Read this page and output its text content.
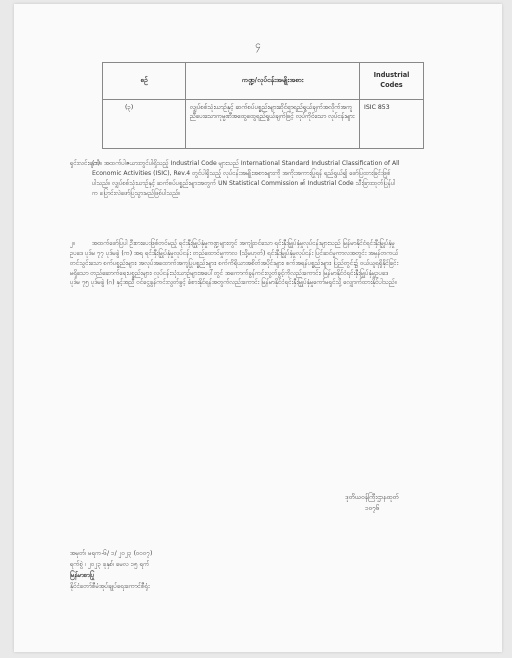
၄
စဉ်	ကဏ္ဍ/လုပ်ငန်းအမျိုးအစား	Industrial Codes
(၃)	လျှပ်စစ်သုံးယာဉ်နှင့် ဆက်စပ်ပစ္စည်းများဆိုင်ရာရည်ရွယ်ချက်အလိုက်အကူညီပေးသောကုမ္ပဏီအထွေထွေရည်ရွယ်ချက်ဖြင့် လုပ်ကိုင်သော လုပ်ငန်းများ	ISIC 853
ရှင်းလင်းချက်
(၁)။ အထက်ပါဇယားတွင်ပါရှိသည့် Industrial Code များသည် International Standard Industrial Classification of All Economic Activities (ISIC), Rev.4 တွင်ပါရှိသည့် လုပ်ငန်းအမျိုးအစားများကို အကိုးအကားပြုရန် ရည်ရွယ်၍ ဖော်ပြထားခြင်းဖြစ်ပါသည်။ လျှပ်စစ်သုံးယာဉ်နှင့် ဆက်စပ်ပစ္စည်းများအတွက် UN Statistical Commission ၏ Industrial Code သီးခြားထုတ်ပြန်ပါက ပြောင်းလဲဖော်ပြသွားမည်ဖြစ်ပါသည်။
၂။	အထက်ဖော်ပြပါ ဦးစားပေးဖြစ်တင်မည့် ရင်းနှီးမြှုပ်နှံမှုကဏ္ဍများတွင် အကျုံးဝင်သော ရင်းနှီးမြှုပ်နှံမှုလုပ်ငန်းများသည် မြန်မာနိုင်ငံရင်းနှီးမြှုပ်နှံမှုဥပဒေ ပုဒ်မ ၇၇ ပုဒ်မခွဲ (က) အရ ရင်းနှီးမြှုပ်နှံမှုလုပ်ငန်း တည်ထောင်မှုကာလ (သို့မဟုတ်) ရင်းနှီးမြှုပ်နှံမှုလုပ်ငန်း ပြင်ဆင်မှုကာလအတွင်း အမှန်တကယ်တင်သွင်းသော စက်ပစ္စည်းများ၊ အလုပ်အထောက်အကူပြုပစ္စည်းများ၊ စက်ကိရိယာအစိတ်အပိုင်းများ၊ စက်အရန်ပစ္စည်းများ၊ ပြည်တွင်း၌ ဝယ်ယူရရှိနိုင်ခြင်းမရှိသော တည်ဆောက်ရေးပစ္စည်းများ၊ လုပ်ငန်းသုံးယာဉ်များအပေါ်တွင် အကောက်ခွန်ကင်းလွတ်ခွင့်ကိုလည်းကောင်း၊ မြန်မာနိုင်ငံရင်းနှီးမြှုပ်နှံမှုဥပဒေ ပုဒ်မ ၇၅ ပုဒ်မခွဲ (ဂ) နှင့်အညီ ဝင်ငွေခွန်ကင်းလွတ်ခွင့် ခံစားနိုင်ရန်အတွက်လည်းကောင်း မြန်မာနိုင်ငံရင်းနှီးမြှုပ်နှံမှုကော်မရှင်သို့ လျှောက်ထားနိုင်ပါသည်။
ဒုတိယဝန်ကြီးဌာနထုတ်
၁၀၇၆
အမှတ်၊ မရက-၆/ ၁/ ၂၀၂၃ (၀၀၀၇)
ရက်စွဲ ၊ ၂၀၂၃ ခုနှစ်၊ မေလ ၁၅ ရက်
မြန်မာစာပြု
နိုင်ငံတော်စီမံအုပ်ချုပ်ရေးကောင်စီရုံး
